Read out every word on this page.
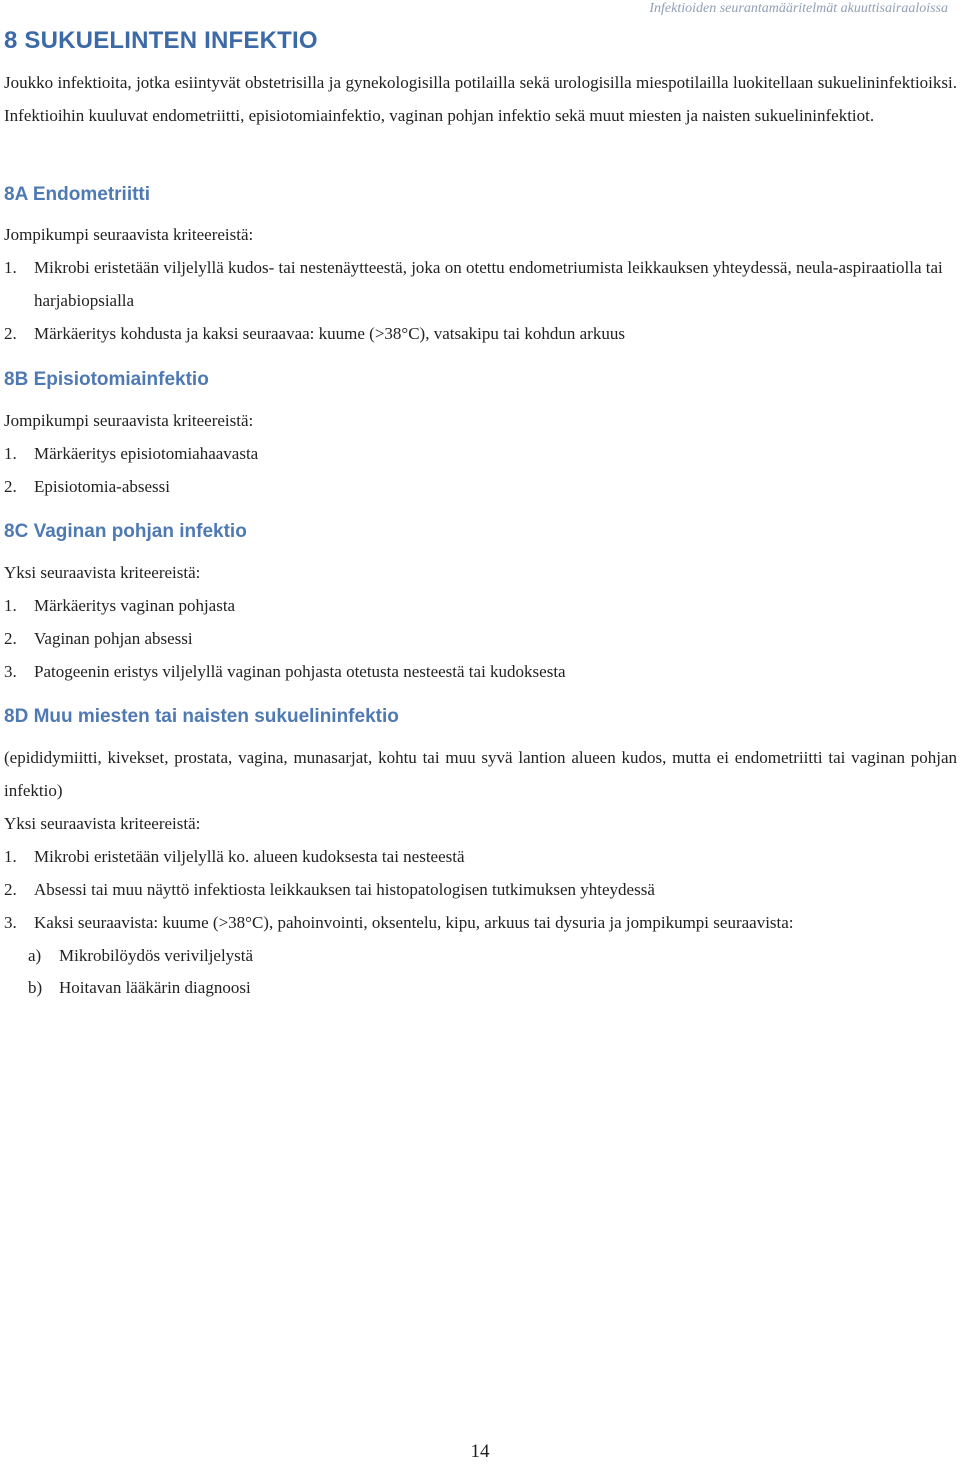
Infektioiden seurantamääritelmät akuuttisairaaloissa
8 SUKUELINTEN INFEKTIO

Joukko infektioita, jotka esiintyvät obstetrisilla ja gynekologisilla potilailla sekä urologisilla miespotilailla luokitellaan sukuelininfektioiksi. Infektioihin kuuluvat endometriitti, episiotomiainfektio, vaginan pohjan infektio sekä muut miesten ja naisten sukuelininfektiot.

8A Endometriitti

Jompikumpi seuraavista kriteereistä:

1.	Mikrobi eristetään viljelyllä kudos- tai nestenäytteestä, joka on otettu endometriumista leikkauksen yhteydessä, neula-aspiraatiolla tai harjabiopsialla
2.	Märkäeritys kohdusta ja kaksi seuraavaa: kuume (>38°C), vatsakipu tai kohdun arkuus
8B Episiotomiainfektio

Jompikumpi seuraavista kriteereistä:

1.	Märkäeritys episiotomiahaavasta
2.	Episiotomia-absessi
8C Vaginan pohjan infektio

Yksi seuraavista kriteereistä:

1.	Märkäeritys vaginan pohjasta
2.	Vaginan pohjan absessi
3.	Patogeenin eristys viljelyllä vaginan pohjasta otetusta nesteestä tai kudoksesta
8D Muu miesten tai naisten sukuelininfektio

(epididymiitti, kivekset, prostata, vagina, munasarjat, kohtu tai muu syvä lantion alueen kudos, mutta ei endometriitti tai vaginan pohjan infektio)

Yksi seuraavista kriteereistä:

1.	Mikrobi eristetään viljelyllä ko. alueen kudoksesta tai nesteestä
2.	Absessi tai muu näyttö infektiosta leikkauksen tai histopatologisen tutkimuksen yhteydessä
3.	Kaksi seuraavista: kuume (>38°C), pahoinvointi, oksentelu, kipu, arkuus tai dysuria ja jompikumpi seuraavista:
a)	Mikrobilöydös veriviljelystä
b) Hoitavan lääkärin diagnoosi
14
